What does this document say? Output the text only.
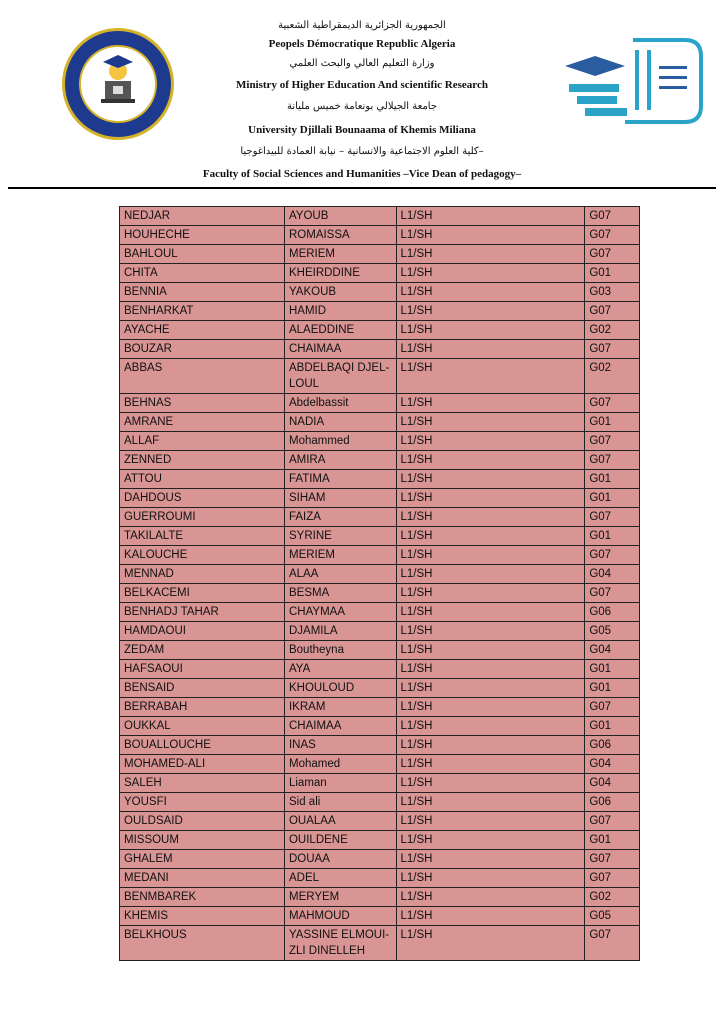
الجمهورية الجزائرية الديمقراطية الشعبية
Peopels Démocratique Republic Algeria
وزارة التعليم العالي والبحث العلمي
Ministry of Higher Education And scientific Research
جامعة الجيلالي بونعامة خميس مليانة
University Djillali Bounaama of Khemis Miliana
كلية العلوم الاجتماعية والانسانية – نيابة العمادة للبيداغوجيا–
Faculty of Social Sciences and Humanities –Vice Dean of pedagogy–
NEDJAR	AYOUB	L1/SH	G07
HOUHECHE	ROMAISSA	L1/SH	G07
BAHLOUL	MERIEM	L1/SH	G07
CHITA	KHEIRDDINE	L1/SH	G01
BENNIA	YAKOUB	L1/SH	G03
BENHARKAT	HAMID	L1/SH	G07
AYACHE	ALAEDDINE	L1/SH	G02
BOUZAR	CHAIMAA	L1/SH	G07
ABBAS	ABDELBAQI DJEL-LOUL	L1/SH	G02
BEHNAS	Abdelbassit	L1/SH	G07
AMRANE	NADIA	L1/SH	G01
ALLAF	Mohammed	L1/SH	G07
ZENNED	AMIRA	L1/SH	G07
ATTOU	FATIMA	L1/SH	G01
DAHDOUS	SIHAM	L1/SH	G01
GUERROUMI	FAIZA	L1/SH	G07
TAKILALTE	SYRINE	L1/SH	G01
KALOUCHE	MERIEM	L1/SH	G07
MENNAD	ALAA	L1/SH	G04
BELKACEMI	BESMA	L1/SH	G07
BENHADJ TAHAR	CHAYMAA	L1/SH	G06
HAMDAOUI	DJAMILA	L1/SH	G05
ZEDAM	Boutheyna	L1/SH	G04
HAFSAOUI	AYA	L1/SH	G01
BENSAID	KHOULOUD	L1/SH	G01
BERRABAH	IKRAM	L1/SH	G07
OUKKAL	CHAIMAA	L1/SH	G01
BOUALLOUCHE	INAS	L1/SH	G06
MOHAMED-ALI	Mohamed	L1/SH	G04
SALEH	Liaman	L1/SH	G04
YOUSFI	Sid ali	L1/SH	G06
OULDSAID	OUALAA	L1/SH	G07
MISSOUM	OUILDENE	L1/SH	G01
GHALEM	DOUAA	L1/SH	G07
MEDANI	ADEL	L1/SH	G07
BENMBAREK	MERYEM	L1/SH	G02
KHEMIS	MAHMOUD	L1/SH	G05
BELKHOUS	YASSINE ELMOUI-ZLI DINELLEH	L1/SH	G07
